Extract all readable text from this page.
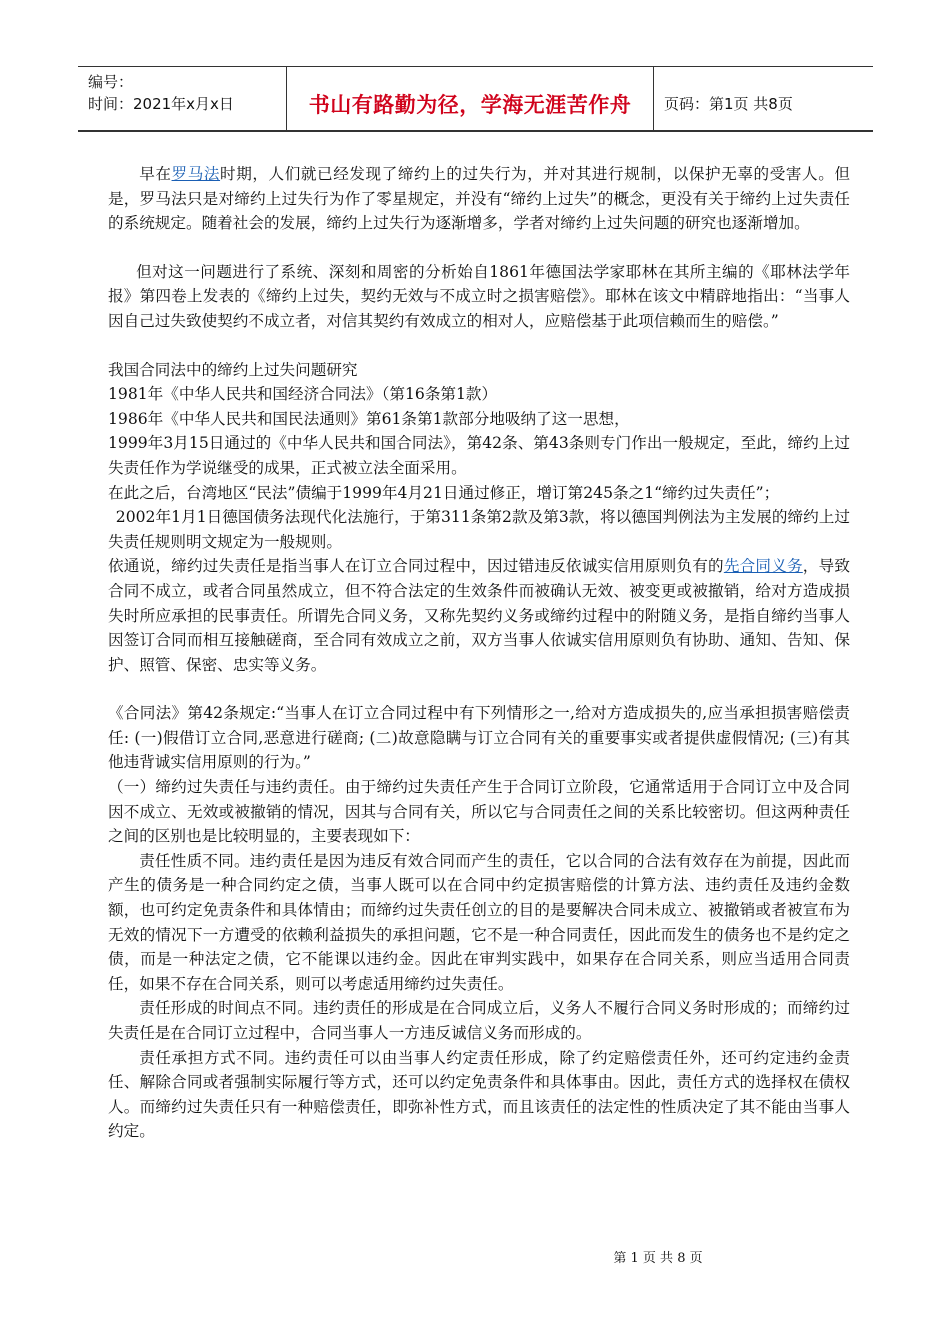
编号：
时间：2021年x月x日	书山有路勤为径，学海无涯苦作舟	页码：第1页 共8页

早在罗马法时期，人们就已经发现了缔约上的过失行为，并对其进行规制，以保护无辜的受害人。但是，罗马法只是对缔约上过失行为作了零星规定，并没有“缔约上过失”的概念，更没有关于缔约上过失责任的系统规定。随着社会的发展，缔约上过失行为逐渐增多，学者对缔约上过失问题的研究也逐渐增加。

但对这一问题进行了系统、深刻和周密的分析始自1861年德国法学家耶林在其所主编的《耶林法学年报》第四卷上发表的《缔约上过失，契约无效与不成立时之损害赔偿》。耶林在该文中精辟地指出：“当事人因自己过失致使契约不成立者，对信其契约有效成立的相对人，应赔偿基于此项信赖而生的赔偿。”

我国合同法中的缔约上过失问题研究

1981年《中华人民共和国经济合同法》（第16条第1款）

1986年《中华人民共和国民法通则》第61条第1款部分地吸纳了这一思想，

1999年3月15日通过的《中华人民共和国合同法》，第42条、第43条则专门作出一般规定，至此，缔约上过失责任作为学说继受的成果，正式被立法全面采用。

在此之后，台湾地区“民法”债编于1999年4月21日通过修正，增订第245条之1“缔约过失责任”；

2002年1月1日德国债务法现代化法施行，于第311条第2款及第3款，将以德国判例法为主发展的缔约上过失责任规则明文规定为一般规则。

依通说，缔约过失责任是指当事人在订立合同过程中，因过错违反依诚实信用原则负有的先合同义务，导致合同不成立，或者合同虽然成立，但不符合法定的生效条件而被确认无效、被变更或被撤销，给对方造成损失时所应承担的民事责任。所谓先合同义务，又称先契约义务或缔约过程中的附随义务，是指自缔约当事人因签订合同而相互接触磋商，至合同有效成立之前，双方当事人依诚实信用原则负有协助、通知、告知、保护、照管、保密、忠实等义务。

《合同法》第42条规定:“当事人在订立合同过程中有下列情形之一,给对方造成损失的,应当承担损害赔偿责任: (一)假借订立合同,恶意进行磋商; (二)故意隐瞒与订立合同有关的重要事实或者提供虚假情况; (三)有其他违背诚实信用原则的行为。”

（一）缔约过失责任与违约责任。由于缔约过失责任产生于合同订立阶段，它通常适用于合同订立中及合同因不成立、无效或被撤销的情况，因其与合同有关，所以它与合同责任之间的关系比较密切。但这两种责任之间的区别也是比较明显的，主要表现如下：

责任性质不同。违约责任是因为违反有效合同而产生的责任，它以合同的合法有效存在为前提，因此而产生的债务是一种合同约定之债，当事人既可以在合同中约定损害赔偿的计算方法、违约责任及违约金数额，也可约定免责条件和具体情由；而缔约过失责任创立的目的是要解决合同未成立、被撤销或者被宣布为无效的情况下一方遭受的依赖利益损失的承担问题，它不是一种合同责任，因此而发生的债务也不是约定之债，而是一种法定之债，它不能课以违约金。因此在审判实践中，如果存在合同关系，则应当适用合同责任，如果不存在合同关系，则可以考虑适用缔约过失责任。

责任形成的时间点不同。违约责任的形成是在合同成立后，义务人不履行合同义务时形成的；而缔约过失责任是在合同订立过程中，合同当事人一方违反诚信义务而形成的。

责任承担方式不同。违约责任可以由当事人约定责任形成，除了约定赔偿责任外，还可约定违约金责任、解除合同或者强制实际履行等方式，还可以约定免责条件和具体事由。因此，责任方式的选择权在债权人。而缔约过失责任只有一种赔偿责任，即弥补性方式，而且该责任的法定性的性质决定了其不能由当事人约定。

第 1 页 共 8 页
